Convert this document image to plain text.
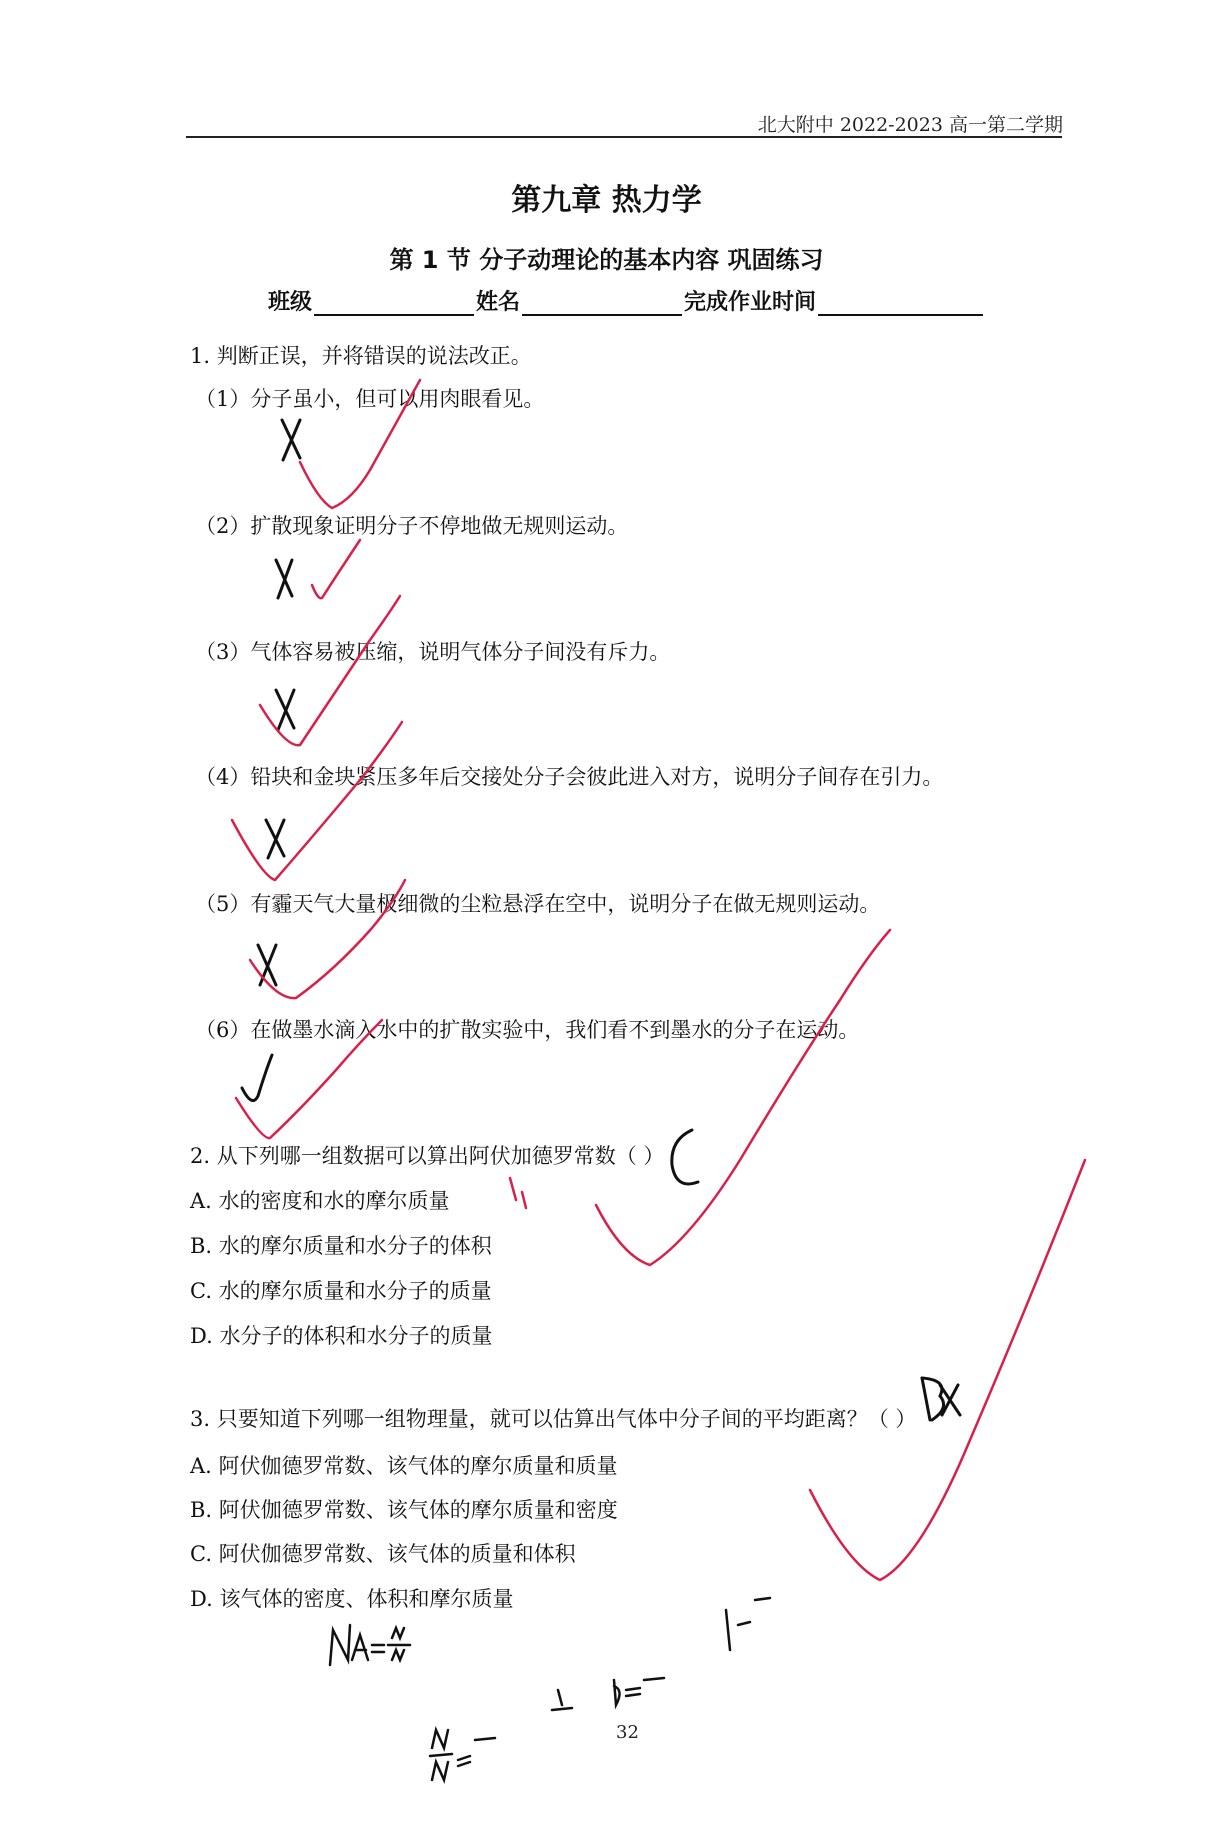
北大附中 2022-2023 高一第二学期
第九章 热力学
第 1 节 分子动理论的基本内容 巩固练习
班级	姓名	完成作业时间
1. 判断正误，并将错误的说法改正。
（1）分子虽小，但可以用肉眼看见。
（2）扩散现象证明分子不停地做无规则运动。
（3）气体容易被压缩，说明气体分子间没有斥力。
（4）铅块和金块紧压多年后交接处分子会彼此进入对方，说明分子间存在引力。
（5）有霾天气大量极细微的尘粒悬浮在空中，说明分子在做无规则运动。
（6）在做墨水滴入水中的扩散实验中，我们看不到墨水的分子在运动。
2. 从下列哪一组数据可以算出阿伏加德罗常数（ ）
A. 水的密度和水的摩尔质量
B. 水的摩尔质量和水分子的体积
C. 水的摩尔质量和水分子的质量
D. 水分子的体积和水分子的质量
3. 只要知道下列哪一组物理量，就可以估算出气体中分子间的平均距离？（ ）
A. 阿伏伽德罗常数、该气体的摩尔质量和质量
B. 阿伏伽德罗常数、该气体的摩尔质量和密度
C. 阿伏伽德罗常数、该气体的质量和体积
D. 该气体的密度、体积和摩尔质量
32
